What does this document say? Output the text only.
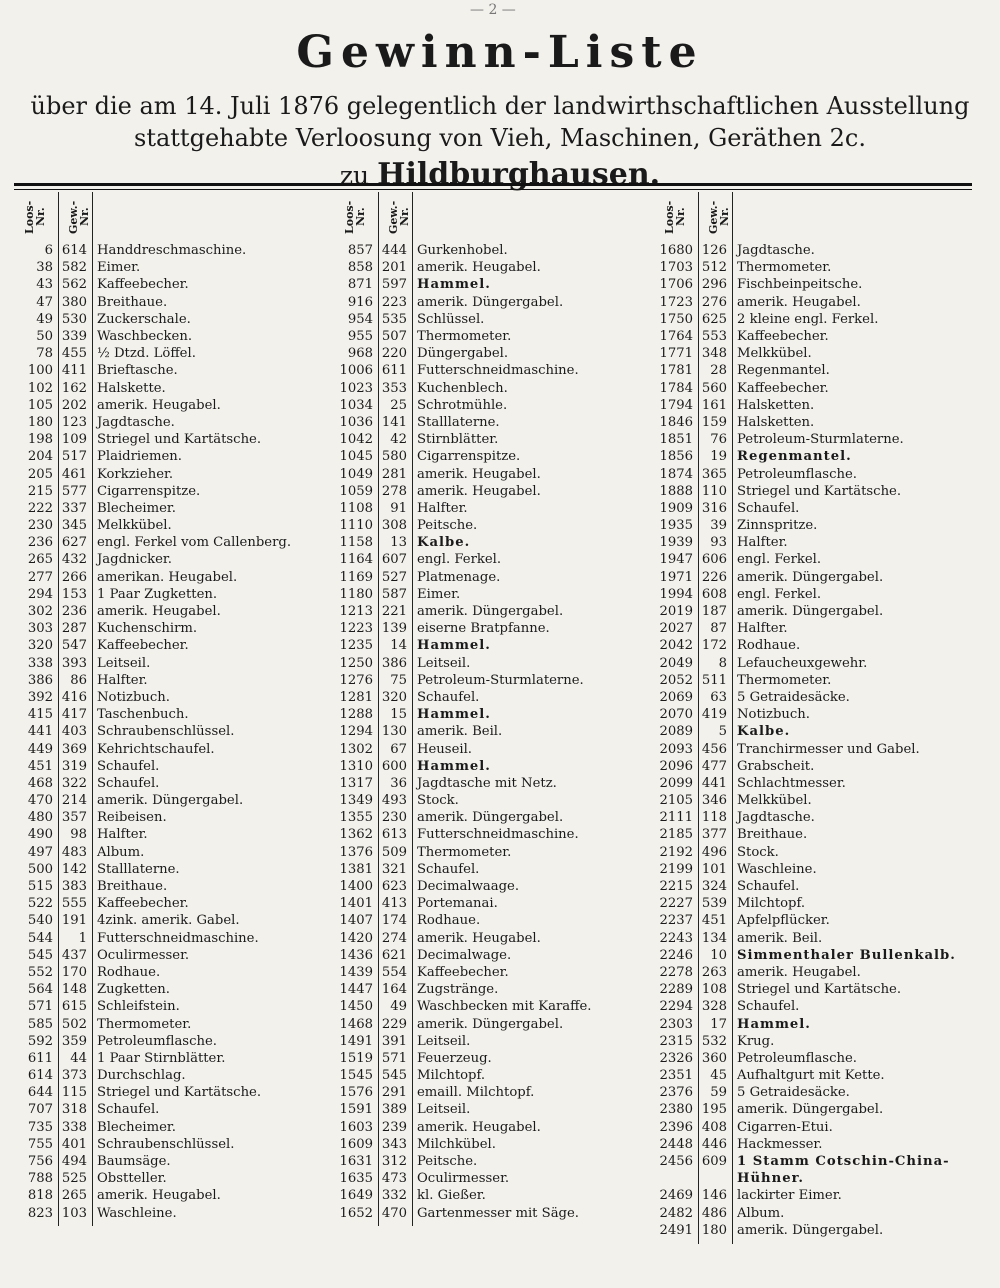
— 2 —
Gewinn-Liste

über die am 14. Juli 1876 gelegentlich der landwirthschaftlichen Ausstellung stattgehabte Verloosung von Vieh, Maschinen, Geräthen 2c.

zu Hildburghausen.

Loos-Nr. Gew.-Nr.
6 614 Handdreschmaschine.
38 582 Eimer.
43 562 Kaffeebecher.
47 380 Breithaue.
49 530 Zuckerschale.
50 339 Waschbecken.
78 455 ½ Dtzd. Löffel.
100 411 Brieftasche.
102 162 Halskette.
105 202 amerik. Heugabel.
180 123 Jagdtasche.
198 109 Striegel und Kartätsche.
204 517 Plaidriemen.
205 461 Korkzieher.
215 577 Cigarrenspitze.
222 337 Blecheimer.
230 345 Melkkübel.
236 627 engl. Ferkel vom Callenberg.
265 432 Jagdnicker.
277 266 amerikan. Heugabel.
294 153 1 Paar Zugketten.
302 236 amerik. Heugabel.
303 287 Kuchenschirm.
320 547 Kaffeebecher.
338 393 Leitseil.
386	86 Halfter.
392 416 Notizbuch.
415 417 Taschenbuch.
441 403 Schraubenschlüssel.
449 369 Kehrichtschaufel.
451 319 Schaufel.
468 322 Schaufel.
470 214 amerik. Düngergabel.
480 357 Reibeisen.
490	98 Halfter.
497 483 Album.
500 142 Stalllaterne.
515 383 Breithaue.
522 555 Kaffeebecher.
540 191 4zink. amerik. Gabel.
544	1 Futterschneidmaschine.
545 437 Oculirmesser.
552 170 Rodhaue.
564 148 Zugketten.
571 615 Schleifstein.
585 502 Thermometer.
592 359 Petroleumflasche.
611	44 1 Paar Stirnblätter.
614 373 Durchschlag.
644 115 Striegel und Kartätsche.
707 318 Schaufel.
735 338 Blecheimer.
755 401 Schraubenschlüssel.
756 494 Baumsäge.
788 525 Obstteller.
818 265 amerik. Heugabel.
823 103 Waschleine.
Loos-Nr. Gew.-Nr.
857 444 Gurkenhobel.
858 201 amerik. Heugabel.
871 597 Hammel.
916 223 amerik. Düngergabel.
954 535 Schlüssel.
955 507 Thermometer.
968 220 Düngergabel.
1006 611 Futterschneidmaschine.
1023 353 Kuchenblech.
1034	25 Schrotmühle.
1036 141 Stalllaterne.
1042	42 Stirnblätter.
1045 580 Cigarrenspitze.
1049 281 amerik. Heugabel.
1059 278 amerik. Heugabel.
1108	91 Halfter.
1110 308 Peitsche.
1158	13 Kalbe.
1164 607 engl. Ferkel.
1169 527 Platmenage.
1180 587 Eimer.
1213 221 amerik. Düngergabel.
1223 139 eiserne Bratpfanne.
1235	14 Hammel.
1250 386 Leitseil.
1276	75 Petroleum-Sturmlaterne.
1281 320 Schaufel.
1288	15 Hammel.
1294 130 amerik. Beil.
1302	67 Heuseil.
1310 600 Hammel.
1317	36 Jagdtasche mit Netz.
1349 493 Stock.
1355 230 amerik. Düngergabel.
1362 613 Futterschneidmaschine.
1376 509 Thermometer.
1381 321 Schaufel.
1400 623 Decimalwaage.
1401 413 Portemanai.
1407 174 Rodhaue.
1420 274 amerik. Heugabel.
1436 621 Decimalwage.
1439 554 Kaffeebecher.
1447 164 Zugstränge.
1450	49 Waschbecken mit Karaffe.
1468 229 amerik. Düngergabel.
1491 391 Leitseil.
1519 571 Feuerzeug.
1545 545 Milchtopf.
1576 291 emaill. Milchtopf.
1591 389 Leitseil.
1603 239 amerik. Heugabel.
1609 343 Milchkübel.
1631 312 Peitsche.
1635 473 Oculirmesser.
1649 332 kl. Gießer.
1652 470 Gartenmesser mit Säge.
Loos-Nr. Gew.-Nr.
1680 126 Jagdtasche.
1703 512 Thermometer.
1706 296 Fischbeinpeitsche.
1723 276 amerik. Heugabel.
1750 625 2 kleine engl. Ferkel.
1764 553 Kaffeebecher.
1771 348 Melkkübel.
1781	28 Regenmantel.
1784 560 Kaffeebecher.
1794 161 Halsketten.
1846 159 Halsketten.
1851	76 Petroleum-Sturmlaterne.
1856	19 Regenmantel.
1874 365 Petroleumflasche.
1888 110 Striegel und Kartätsche.
1909 316 Schaufel.
1935	39 Zinnspritze.
1939	93 Halfter.
1947 606 engl. Ferkel.
1971 226 amerik. Düngergabel.
1994 608 engl. Ferkel.
2019 187 amerik. Düngergabel.
2027	87 Halfter.
2042 172 Rodhaue.
2049	8 Lefaucheuxgewehr.
2052 511 Thermometer.
2069	63 5 Getraidesäcke.
2070 419 Notizbuch.
2089	5 Kalbe.
2093 456 Tranchirmesser und Gabel.
2096 477 Grabscheit.
2099 441 Schlachtmesser.
2105 346 Melkkübel.
2111 118 Jagdtasche.
2185 377 Breithaue.
2192 496 Stock.
2199 101 Waschleine.
2215 324 Schaufel.
2227 539 Milchtopf.
2237 451 Apfelpflücker.
2243 134 amerik. Beil.
2246	10 Simmenthaler Bullenkalb.
2278 263 amerik. Heugabel.
2289 108 Striegel und Kartätsche.
2294 328 Schaufel.
2303	17 Hammel.
2315 532 Krug.
2326 360 Petroleumflasche.
2351	45 Aufhaltgurt mit Kette.
2376	59 5 Getraidesäcke.
2380 195 amerik. Düngergabel.
2396 408 Cigarren-Etui.
2448 446 Hackmesser.
2456 609 1 Stamm Cotschin-China-
Hühner.
2469 146 lackirter Eimer.
2482 486 Album.
2491 180 amerik. Düngergabel.
